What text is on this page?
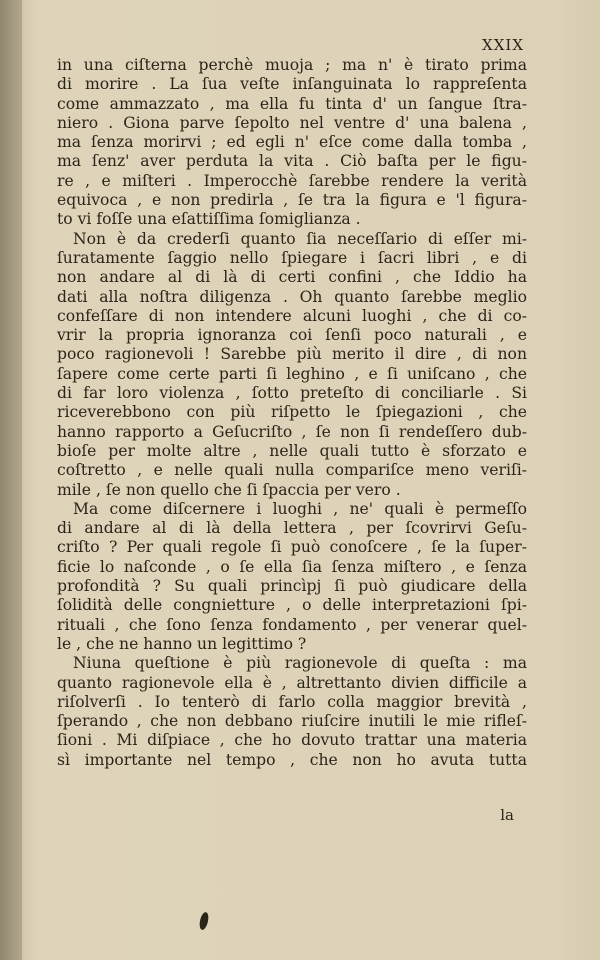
XXIX
in una ciſterna perchè muoja ; ma n' è tirato prima
di morire . La ſua veſte inſanguinata lo rappreſenta
come ammazzato , ma ella fu tinta d' un ſangue ſtra-
niero . Giona parve ſepolto nel ventre d' una balena ,
ma ſenza morirvi ; ed egli n' eſce come dalla tomba ,
ma ſenz' aver perduta la vita . Ciò baſta per le figu-
re , e miſteri . Imperocchè ſarebbe rendere la verità
equivoca , e non predirla , ſe tra la figura e 'l figura-
to vi foſſe una eſattiſſima ſomiglianza .
Non è da crederſi quanto ſia neceſſario di eſſer mi-
ſuratamente ſaggio nello ſpiegare i ſacri libri , e di
non andare al di là di certi confini , che Iddio ha
dati alla noſtra diligenza . Oh quanto ſarebbe meglio
confeſſare di non intendere alcuni luoghi , che di co-
vrir la propria ignoranza coi ſenſi poco naturali , e
poco ragionevoli ! Sarebbe più merito il dire , di non
ſapere come certe parti ſi leghino , e ſi uniſcano , che
di far loro violenza , ſotto preteſto di conciliarle . Si
riceverebbono con più riſpetto le ſpiegazioni , che
hanno rapporto a Geſucriſto , ſe non ſi rendeſſero dub-
bioſe per molte altre , nelle quali tutto è sforzato e
coſtretto , e nelle quali nulla compariſce meno veriſi-
mile , ſe non quello che ſi ſpaccia per vero .
Ma come diſcernere i luoghi , ne' quali è permeſſo
di andare al di là della lettera , per ſcovrirvi Geſu-
criſto ? Per quali regole ſi può conoſcere , ſe la ſuper-
ficie lo naſconde , o ſe ella ſia ſenza miſtero , e ſenza
profondità ? Su quali princìpj ſi può giudicare della
ſolidità delle congnietture , o delle interpretazioni ſpi-
rituali , che ſono ſenza fondamento , per venerar quel-
le , che ne hanno un legittimo ?
Niuna queſtione è più ragionevole di queſta : ma
quanto ragionevole ella è , altrettanto divien difficile a
riſolverſi . Io tenterò di farlo colla maggior brevità ,
ſperando , che non debbano riuſcire inutili le mie rifleſ-
ſioni . Mi diſpiace , che ho dovuto trattar una materia
sì importante nel tempo , che non ho avuta tutta
la
